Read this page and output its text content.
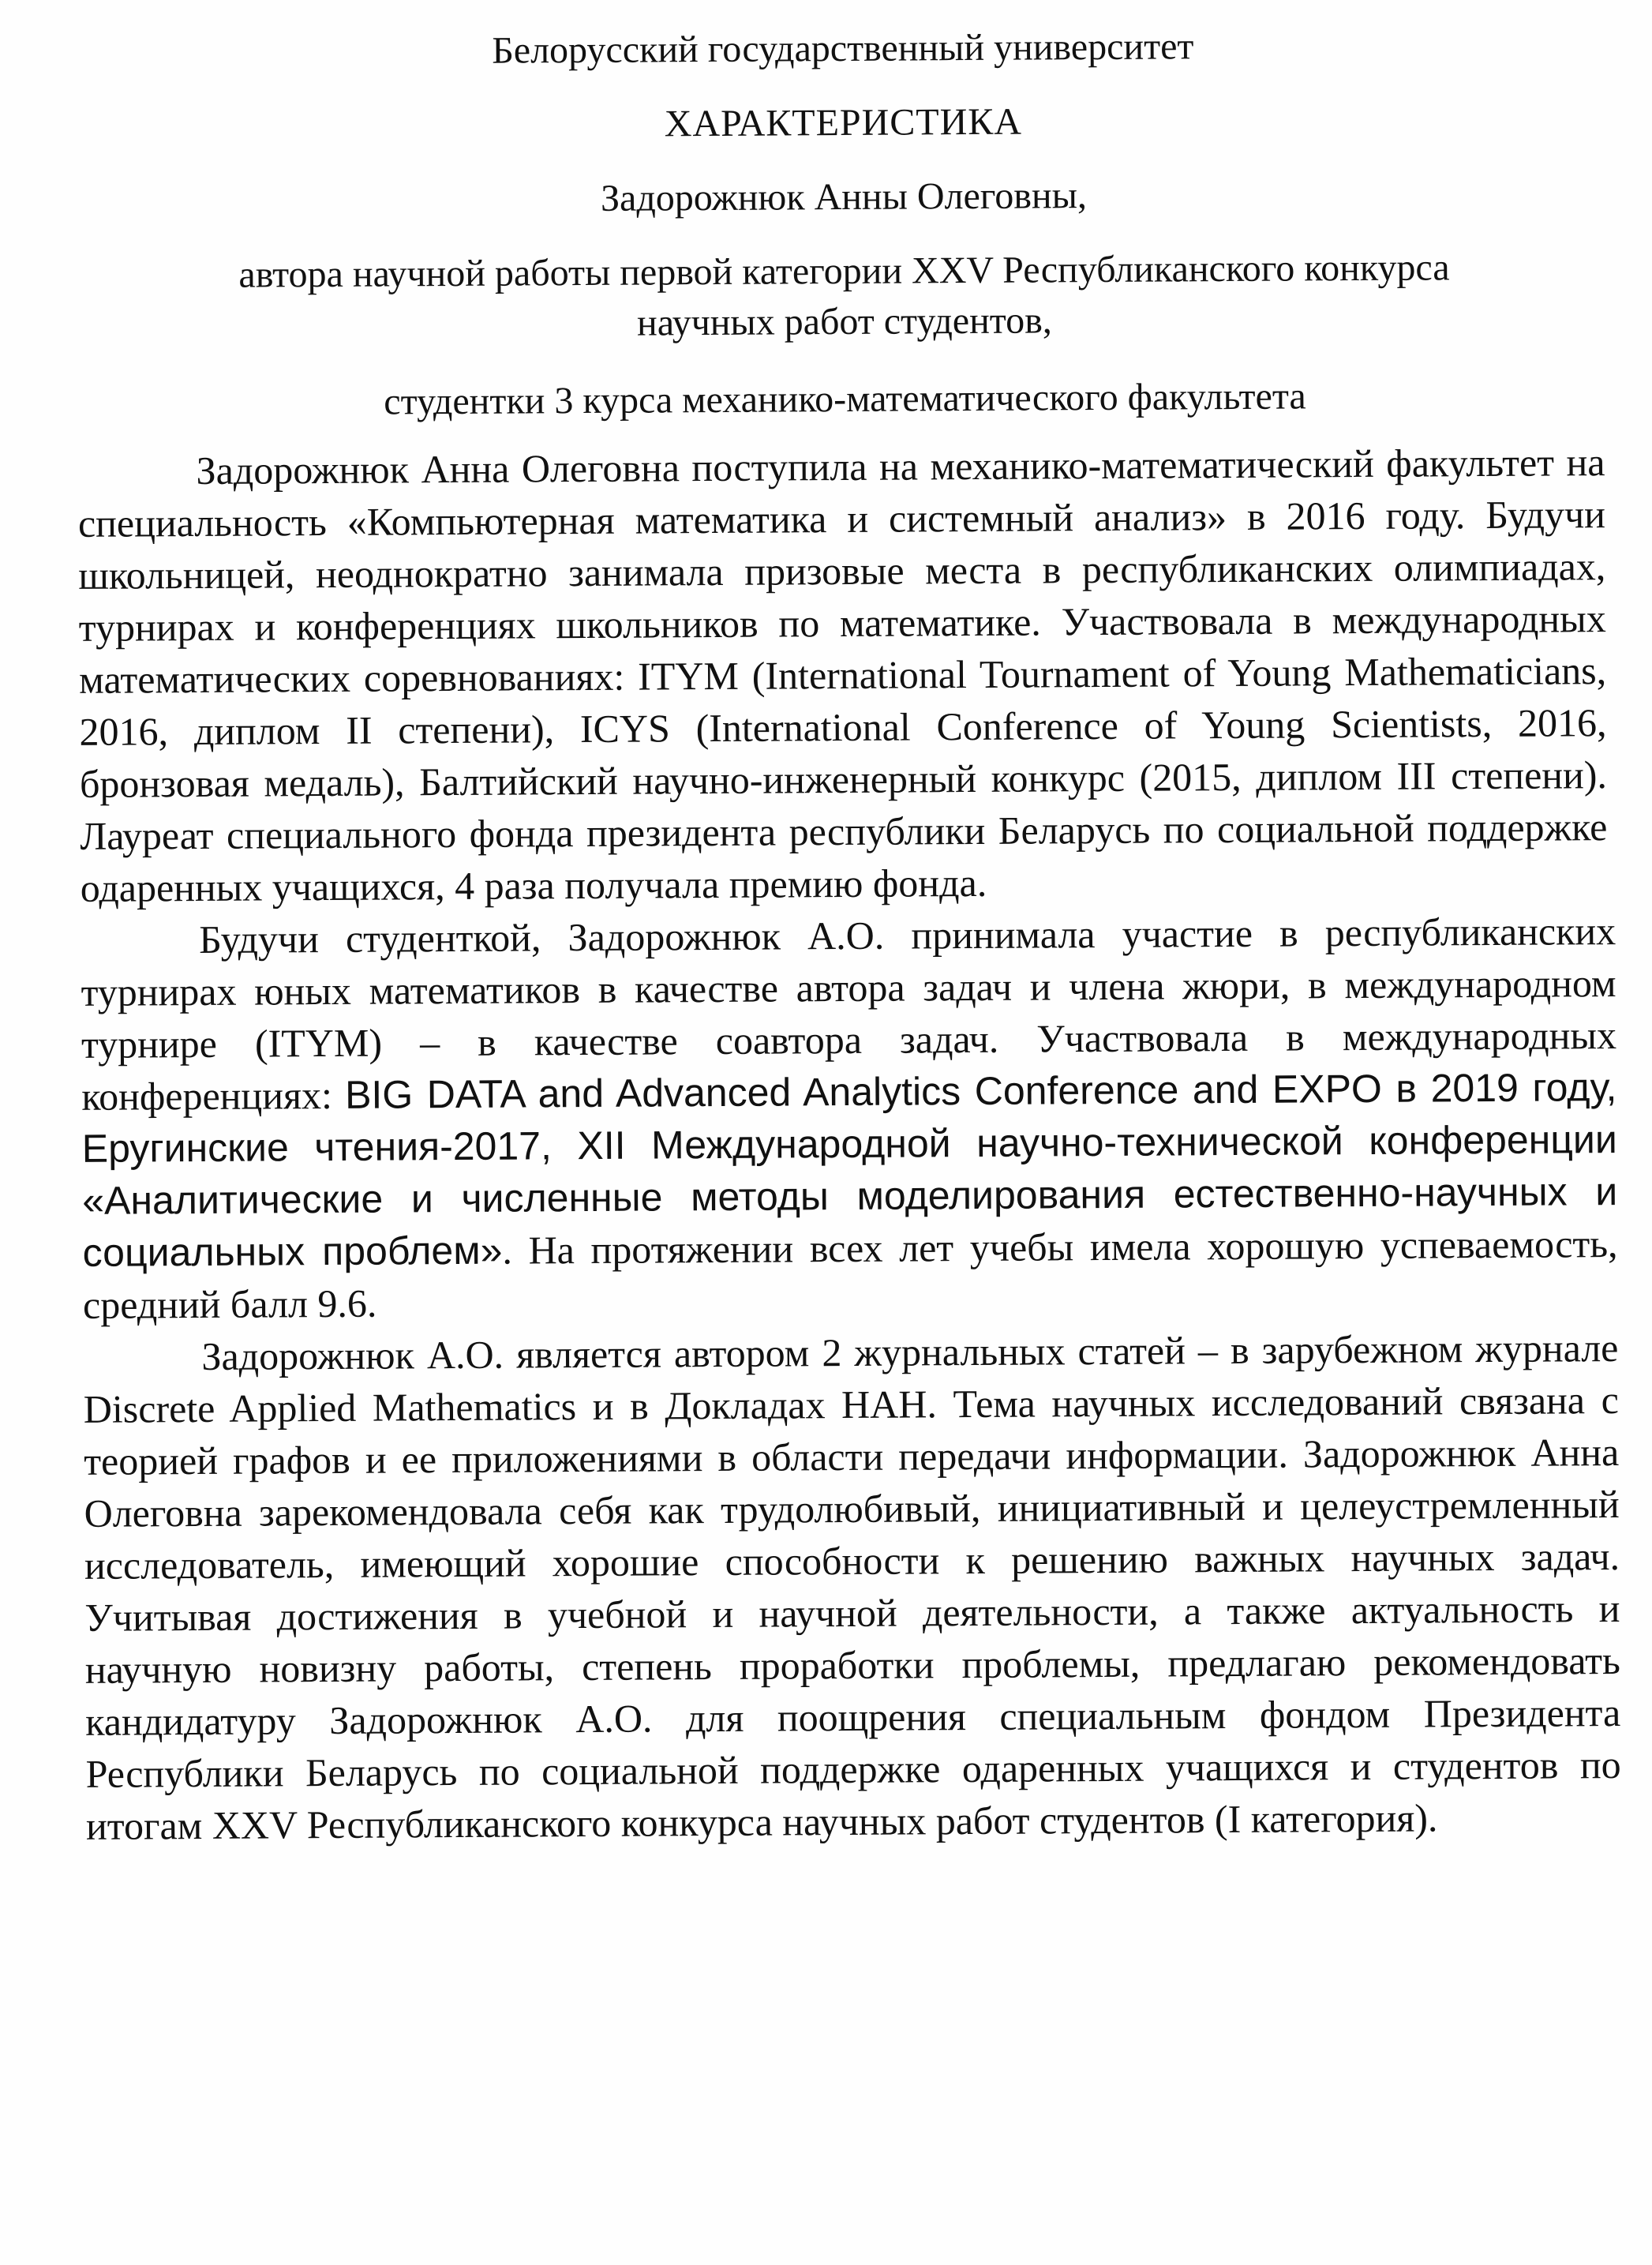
Белорусский государственный университет

ХАРАКТЕРИСТИКА

Задорожнюк Анны Олеговны,

автора научной работы первой категории XXV Республиканского конкурса

научных работ студентов,

студентки 3 курса механико-математического факультета

Задорожнюк Анна Олеговна поступила на механико-математический факультет на специальность «Компьютерная математика и системный анализ» в 2016 году. Будучи школьницей, неоднократно занимала призовые места в республиканских олимпиадах, турнирах и конференциях школьников по математике. Участвовала в международных математических соревнованиях: ITYM (International Tournament of Young Mathematicians, 2016, диплом II степени), ICYS (International Conference of Young Scientists, 2016, бронзовая медаль), Балтийский научно-инженерный конкурс (2015, диплом III степени). Лауреат специального фонда президента республики Беларусь по социальной поддержке одаренных учащихся, 4 раза получала премию фонда.

Будучи студенткой, Задорожнюк А.О. принимала участие в республиканских турнирах юных математиков в качестве автора задач и члена жюри, в международном турнире (ITYM) – в качестве соавтора задач. Участвовала в международных конференциях: BIG DATA and Advanced Analytics Conference and EXPO в 2019 году, Еругинские чтения-2017, XII Международной научно-технической конференции «Аналитические и численные методы моделирования естественно-научных и социальных проблем». На протяжении всех лет учебы имела хорошую успеваемость, средний балл 9.6.

Задорожнюк А.О. является автором 2 журнальных статей – в зарубежном журнале Discrete Applied Mathematics и в Докладах НАН. Тема научных исследований связана с теорией графов и ее приложениями в области передачи информации. Задорожнюк Анна Олеговна зарекомендовала себя как трудолюбивый, инициативный и целеустремленный исследователь, имеющий хорошие способности к решению важных научных задач. Учитывая достижения в учебной и научной деятельности, а также актуальность и научную новизну работы, степень проработки проблемы, предлагаю рекомендовать кандидатуру Задорожнюк А.О. для поощрения специальным фондом Президента Республики Беларусь по социальной поддержке одаренных учащихся и студентов по итогам XXV Республиканского конкурса научных работ студентов (I категория).
